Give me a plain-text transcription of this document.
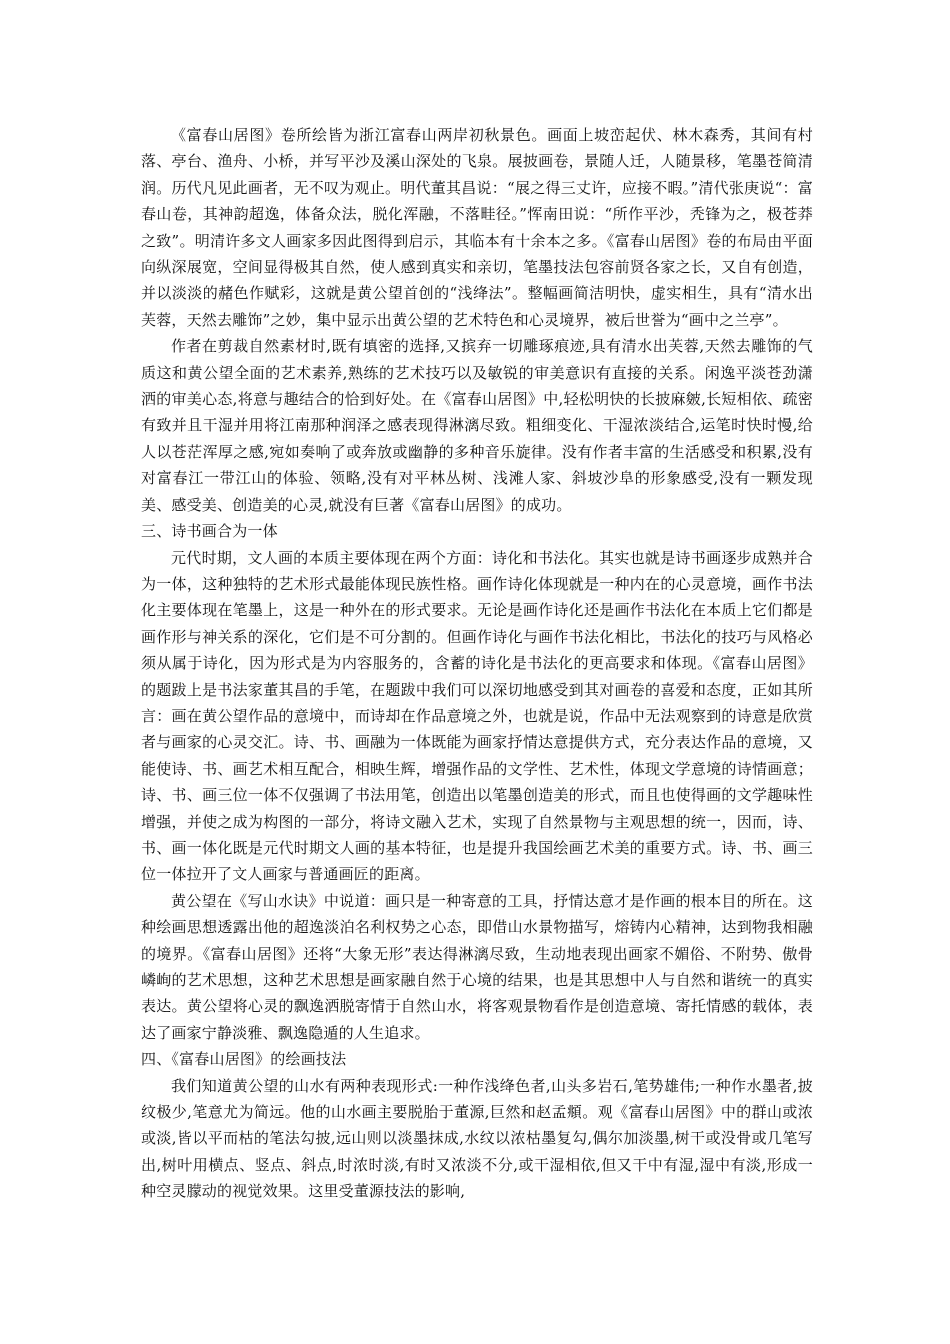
《富春山居图》卷所绘皆为浙江富春山两岸初秋景色。画面上坡峦起伏、林木森秀，其间有村落、亭台、渔舟、小桥，并写平沙及溪山深处的飞泉。展披画卷，景随人迁，人随景移，笔墨苍简清润。历代凡见此画者，无不叹为观止。明代董其昌说：“展之得三丈许，应接不暇。”清代张庚说“：富春山卷，其神韵超逸，体备众法，脱化浑融，不落畦径。”恽南田说：“所作平沙，秃锋为之，极苍莽之致”。明清许多文人画家多因此图得到启示，其临本有十余本之多。《富春山居图》卷的布局由平面向纵深展宽，空间显得极其自然，使人感到真实和亲切，笔墨技法包容前贤各家之长，又自有创造，并以淡淡的赭色作赋彩，这就是黄公望首创的“浅绛法”。整幅画简洁明快，虚实相生，具有“清水出芙蓉，天然去雕饰”之妙，集中显示出黄公望的艺术特色和心灵境界，被后世誉为“画中之兰亭”。

作者在剪裁自然素材时,既有填密的选择,又摈弃一切雕琢痕迹,具有清水出芙蓉,天然去雕饰的气质这和黄公望全面的艺术素养,熟练的艺术技巧以及敏锐的审美意识有直接的关系。闲逸平淡苍劲潇洒的审美心态,将意与趣结合的恰到好处。在《富春山居图》中,轻松明快的长披麻皴,长短相依、疏密有致并且干湿并用将江南那种润泽之感表现得淋漓尽致。粗细变化、干湿浓淡结合,运笔时快时慢,给人以苍茫浑厚之感,宛如奏响了或奔放或幽静的多种音乐旋律。没有作者丰富的生活感受和积累,没有对富春江一带江山的体验、领略,没有对平林丛树、浅滩人家、斜坡沙阜的形象感受,没有一颗发现美、感受美、创造美的心灵,就没有巨著《富春山居图》的成功。

三、诗书画合为一体

元代时期，文人画的本质主要体现在两个方面：诗化和书法化。其实也就是诗书画逐步成熟并合为一体，这种独特的艺术形式最能体现民族性格。画作诗化体现就是一种内在的心灵意境，画作书法化主要体现在笔墨上，这是一种外在的形式要求。无论是画作诗化还是画作书法化在本质上它们都是画作形与神关系的深化，它们是不可分割的。但画作诗化与画作书法化相比，书法化的技巧与风格必须从属于诗化，因为形式是为内容服务的，含蓄的诗化是书法化的更高要求和体现。《富春山居图》的题跋上是书法家董其昌的手笔，在题跋中我们可以深切地感受到其对画卷的喜爱和态度，正如其所言：画在黄公望作品的意境中，而诗却在作品意境之外，也就是说，作品中无法观察到的诗意是欣赏者与画家的心灵交汇。诗、书、画融为一体既能为画家抒情达意提供方式，充分表达作品的意境，又能使诗、书、画艺术相互配合，相映生辉，增强作品的文学性、艺术性，体现文学意境的诗情画意；诗、书、画三位一体不仅强调了书法用笔，创造出以笔墨创造美的形式，而且也使得画的文学趣味性增强，并使之成为构图的一部分，将诗文融入艺术，实现了自然景物与主观思想的统一，因而，诗、书、画一体化既是元代时期文人画的基本特征，也是提升我国绘画艺术美的重要方式。诗、书、画三位一体拉开了文人画家与普通画匠的距离。

黄公望在《写山水诀》中说道：画只是一种寄意的工具，抒情达意才是作画的根本目的所在。这种绘画思想透露出他的超逸淡泊名利权势之心态，即借山水景物描写，熔铸内心精神，达到物我相融的境界。《富春山居图》还将“大象无形”表达得淋漓尽致，生动地表现出画家不媚俗、不附势、傲骨嶙峋的艺术思想，这种艺术思想是画家融自然于心境的结果，也是其思想中人与自然和谐统一的真实表达。黄公望将心灵的飘逸洒脱寄情于自然山水，将客观景物看作是创造意境、寄托情感的载体，表达了画家宁静淡雅、飘逸隐遁的人生追求。

四、《富春山居图》的绘画技法

我们知道黄公望的山水有两种表现形式:一种作浅绛色者,山头多岩石,笔势雄伟;一种作水墨者,披纹极少,笔意尤为简远。他的山水画主要脱胎于董源,巨然和赵孟頫。观《富春山居图》中的群山或浓或淡,皆以平而枯的笔法勾披,远山则以淡墨抹成,水纹以浓枯墨复勾,偶尔加淡墨,树干或没骨或几笔写出,树叶用横点、竖点、斜点,时浓时淡,有时又浓淡不分,或干湿相依,但又干中有湿,湿中有淡,形成一种空灵朦动的视觉效果。这里受董源技法的影响,
